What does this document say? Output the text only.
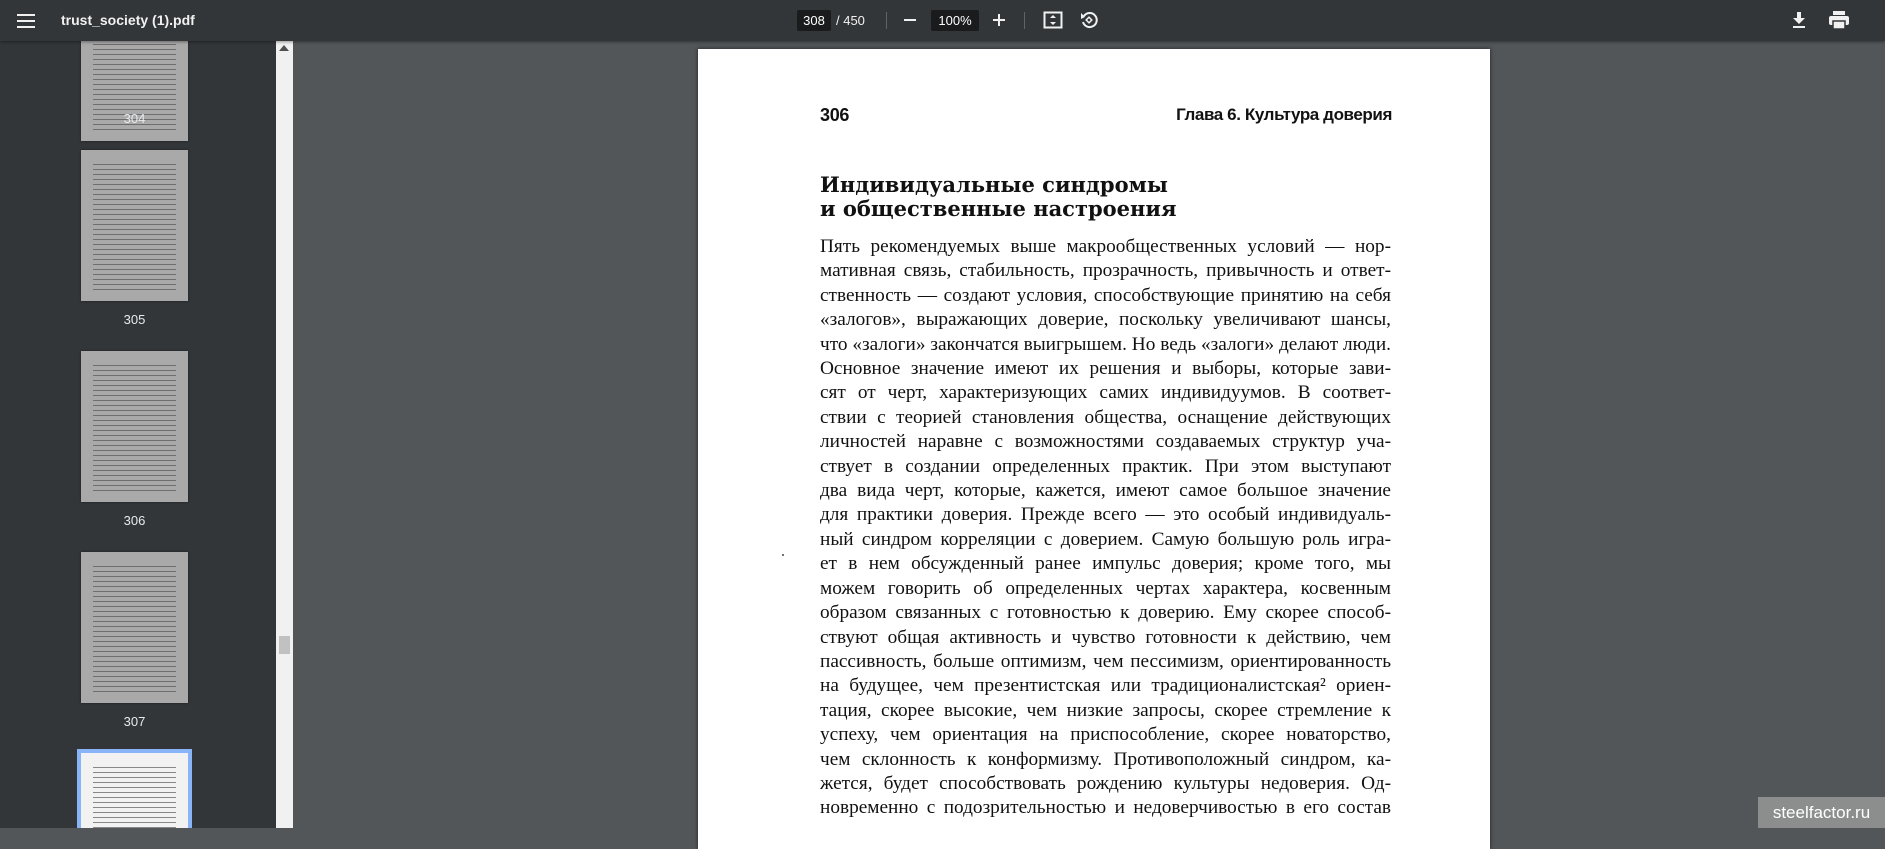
trust_society (1).pdf	308 / 450	100%
304
305
306
307
306	Глава 6. Культура доверия
Индивидуальные синдромы
и общественные настроения
Пять рекомендуемых выше макрообщественных условий — нор-
мативная связь, стабильность, прозрачность, привычность и ответ-
ственность — создают условия, способствующие принятию на себя
«залогов», выражающих доверие, поскольку увеличивают шансы,
что «залоги» закончатся выигрышем. Но ведь «залоги» делают люди.
Основное значение имеют их решения и выборы, которые зави-
сят от черт, характеризующих самих индивидуумов. В соответ-
ствии с теорией становления общества, оснащение действующих
личностей наравне с возможностями создаваемых структур уча-
ствует в создании определенных практик. При этом выступают
два вида черт, которые, кажется, имеют самое большое значение
для практики доверия. Прежде всего — это особый индивидуаль-
ный синдром корреляции с доверием. Самую большую роль игра-
ет в нем обсужденный ранее импульс доверия; кроме того, мы
можем говорить об определенных чертах характера, косвенным
образом связанных с готовностью к доверию. Ему скорее способ-
ствуют общая активность и чувство готовности к действию, чем
пассивность, больше оптимизм, чем пессимизм, ориентированность
на будущее, чем презентистская или традиционалистская² ориен-
тация, скорее высокие, чем низкие запросы, скорее стремление к
успеху, чем ориентация на приспособление, скорее новаторство,
чем склонность к конформизму. Противоположный синдром, ка-
жется, будет способствовать рождению культуры недоверия. Од-
новременно с подозрительностью и недоверчивостью в его состав	steelfactor.ru
